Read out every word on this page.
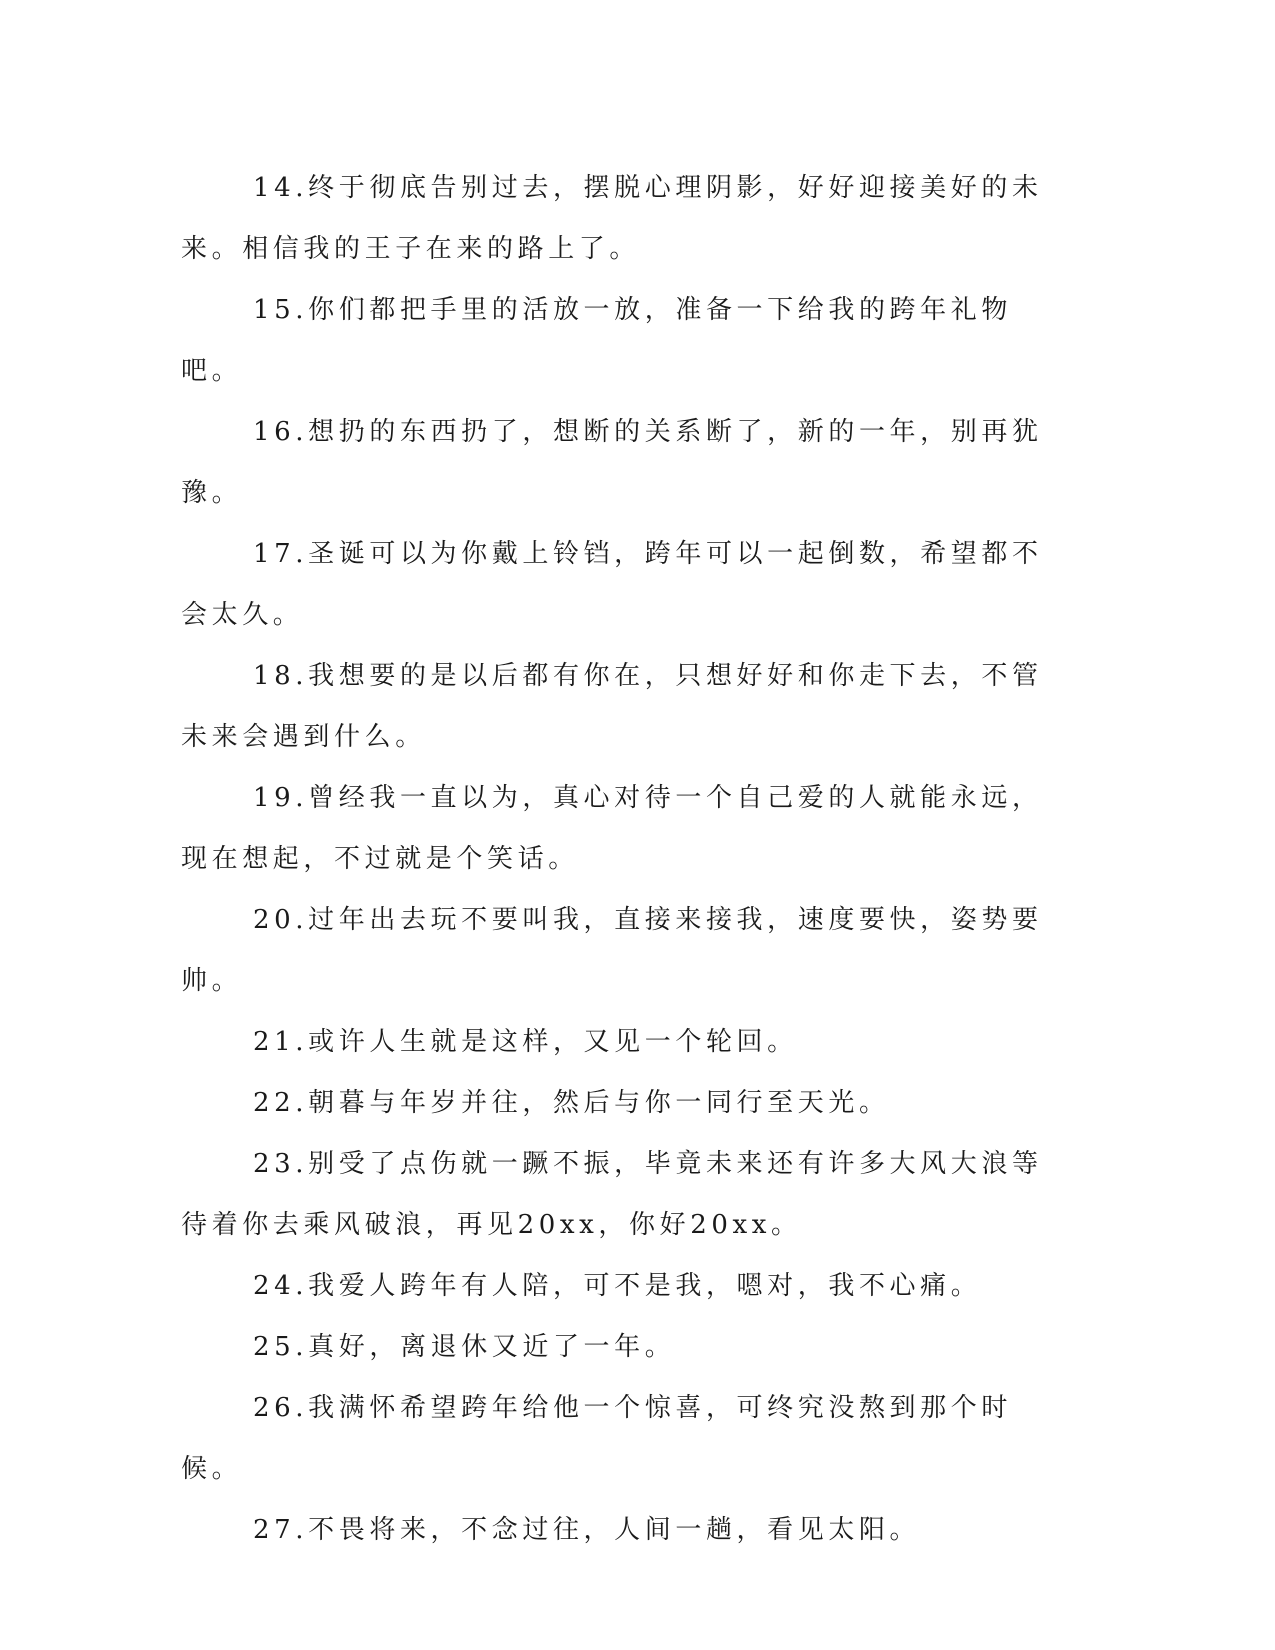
14.终于彻底告别过去，摆脱心理阴影，好好迎接美好的未来。相信我的王子在来的路上了。

15.你们都把手里的活放一放，准备一下给我的跨年礼物吧。

16.想扔的东西扔了，想断的关系断了，新的一年，别再犹豫。

17.圣诞可以为你戴上铃铛，跨年可以一起倒数，希望都不会太久。

18.我想要的是以后都有你在，只想好好和你走下去，不管未来会遇到什么。

19.曾经我一直以为，真心对待一个自己爱的人就能永远，现在想起，不过就是个笑话。

20.过年出去玩不要叫我，直接来接我，速度要快，姿势要帅。

21.或许人生就是这样，又见一个轮回。

22.朝暮与年岁并往，然后与你一同行至天光。

23.别受了点伤就一蹶不振，毕竟未来还有许多大风大浪等待着你去乘风破浪，再见20xx，你好20xx。

24.我爱人跨年有人陪，可不是我，嗯对，我不心痛。

25.真好，离退休又近了一年。

26.我满怀希望跨年给他一个惊喜，可终究没熬到那个时候。

27.不畏将来，不念过往，人间一趟，看见太阳。
